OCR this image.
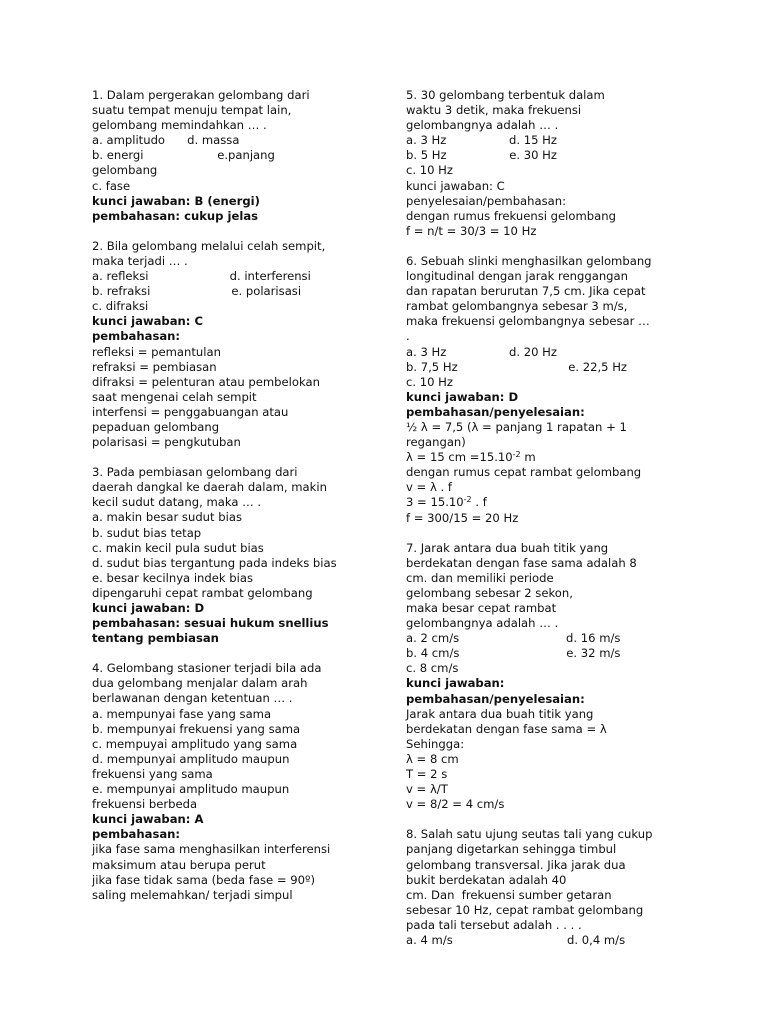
1. Dalam pergerakan gelombang dari
suatu tempat menuju tempat lain,
gelombang memindahkan … .
a. amplitudo      d. massa
b. energi                    e.panjang
gelombang
c. fase
kunci jawaban: B (energi)
pembahasan: cukup jelas
2. Bila gelombang melalui celah sempit,
maka terjadi … .
a. refleksi                      d. interferensi
b. refraksi                      e. polarisasi
c. difraksi
kunci jawaban: C
pembahasan:
refleksi = pemantulan
refraksi = pembiasan
difraksi = pelenturan atau pembelokan
saat mengenai celah sempit
interfensi = penggabuangan atau
pepaduan gelombang
polarisasi = pengkutuban
3. Pada pembiasan gelombang dari
daerah dangkal ke daerah dalam, makin
kecil sudut datang, maka … .
a. makin besar sudut bias
b. sudut bias tetap
c. makin kecil pula sudut bias
d. sudut bias tergantung pada indeks bias
e. besar kecilnya indek bias
dipengaruhi cepat rambat gelombang
kunci jawaban: D
pembahasan: sesuai hukum snellius
tentang pembiasan
4. Gelombang stasioner terjadi bila ada
dua gelombang menjalar dalam arah
berlawanan dengan ketentuan … .
a. mempunyai fase yang sama
b. mempunyai frekuensi yang sama
c. mempuyai amplitudo yang sama
d. mempunyai amplitudo maupun
frekuensi yang sama
e. mempunyai amplitudo maupun
frekuensi berbeda
kunci jawaban: A
pembahasan:
jika fase sama menghasilkan interferensi
maksimum atau berupa perut
jika fase tidak sama (beda fase = 90º)
saling melemahkan/ terjadi simpul
5. 30 gelombang terbentuk dalam
waktu 3 detik, maka frekuensi
gelombangnya adalah … .
a. 3 Hz                 d. 15 Hz
b. 5 Hz                 e. 30 Hz
c. 10 Hz
kunci jawaban: C
penyelesaian/pembahasan:
dengan rumus frekuensi gelombang
f = n/t = 30/3 = 10 Hz
6. Sebuah slinki menghasilkan gelombang
longitudinal dengan jarak renggangan
dan rapatan berurutan 7,5 cm. Jika cepat
rambat gelombangnya sebesar 3 m/s,
maka frekuensi gelombangnya sebesar …
.
a. 3 Hz                 d. 20 Hz
b. 7,5 Hz                              e. 22,5 Hz
c. 10 Hz
kunci jawaban: D
pembahasan/penyelesaian:
½ λ = 7,5 (λ = panjang 1 rapatan + 1
regangan)
λ = 15 cm $=15.10^{-2}$ m
dengan rumus cepat rambat gelombang
v = λ . f
$3 = 15.10^{-2}$ . f
f = 300/15 = 20 Hz
7. Jarak antara dua buah titik yang
berdekatan dengan fase sama adalah 8
cm. dan memiliki periode
gelombang sebesar 2 sekon,
maka besar cepat rambat
gelombangnya adalah … .
a. 2 cm/s                             d. 16 m/s
b. 4 cm/s                             e. 32 m/s
c. 8 cm/s
kunci jawaban:
pembahasan/penyelesaian:
Jarak antara dua buah titik yang
berdekatan dengan fase sama = λ
Sehingga:
λ = 8 cm
T = 2 s
v = λ/T
v = 8/2 = 4 cm/s
8. Salah satu ujung seutas tali yang cukup
panjang digetarkan sehingga timbul
gelombang transversal. Jika jarak dua
bukit berdekatan adalah 40
cm. Dan  frekuensi sumber getaran
sebesar 10 Hz, cepat rambat gelombang
pada tali tersebut adalah . . . .
a. 4 m/s                               d. 0,4 m/s
